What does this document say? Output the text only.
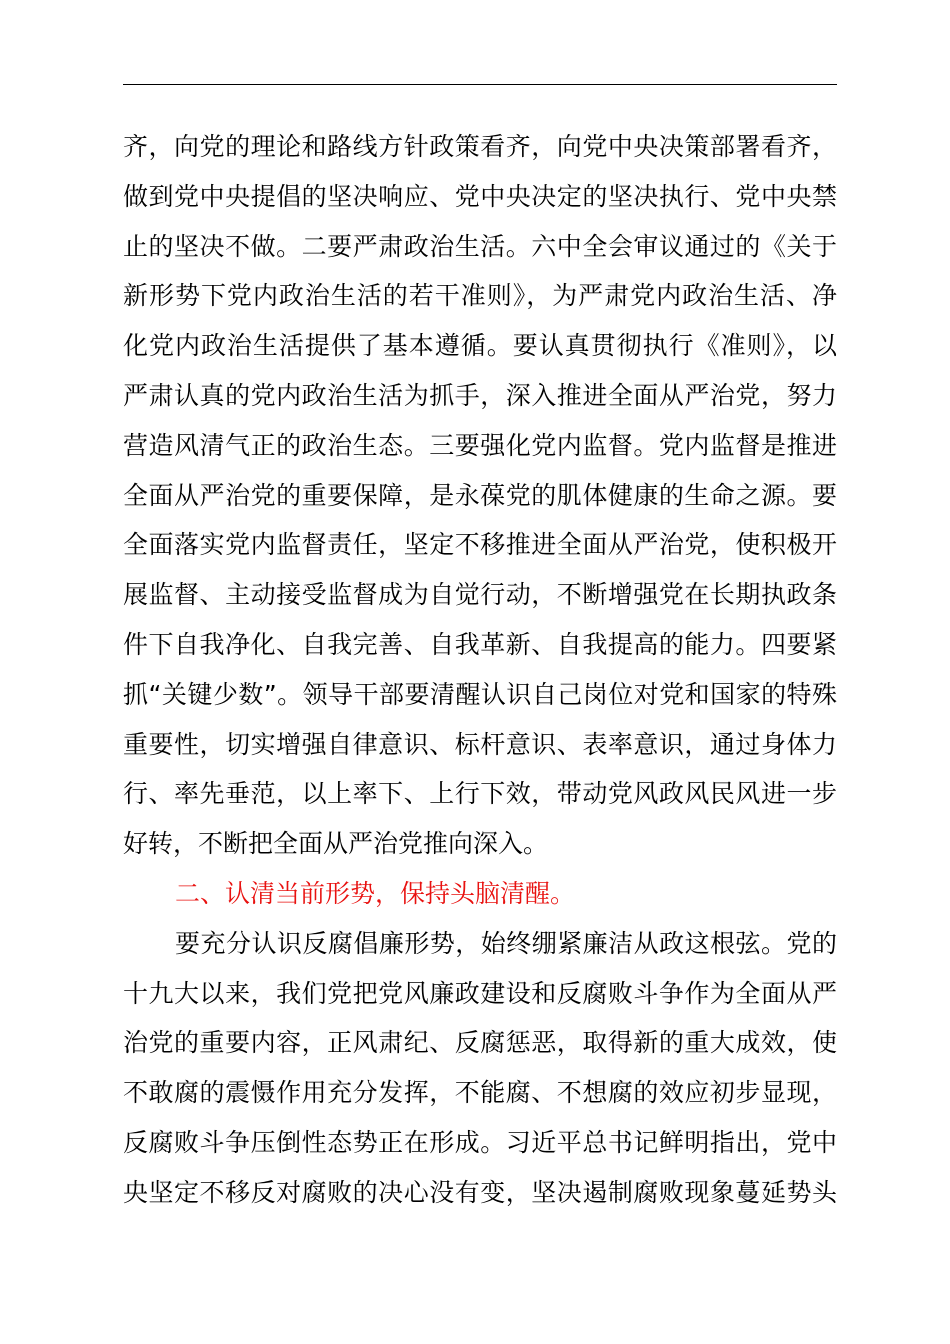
齐，向党的理论和路线方针政策看齐，向党中央决策部署看齐，
做到党中央提倡的坚决响应、党中央决定的坚决执行、党中央禁
止的坚决不做。二要严肃政治生活。六中全会审议通过的《关于
新形势下党内政治生活的若干准则》，为严肃党内政治生活、净
化党内政治生活提供了基本遵循。要认真贯彻执行《准则》，以
严肃认真的党内政治生活为抓手，深入推进全面从严治党，努力
营造风清气正的政治生态。三要强化党内监督。党内监督是推进
全面从严治党的重要保障，是永葆党的肌体健康的生命之源。要
全面落实党内监督责任，坚定不移推进全面从严治党，使积极开
展监督、主动接受监督成为自觉行动，不断增强党在长期执政条
件下自我净化、自我完善、自我革新、自我提高的能力。四要紧
抓“关键少数”。领导干部要清醒认识自己岗位对党和国家的特殊
重要性，切实增强自律意识、标杆意识、表率意识，通过身体力
行、率先垂范，以上率下、上行下效，带动党风政风民风进一步
好转，不断把全面从严治党推向深入。
二、认清当前形势，保持头脑清醒。
要充分认识反腐倡廉形势，始终绷紧廉洁从政这根弦。党的
十九大以来，我们党把党风廉政建设和反腐败斗争作为全面从严
治党的重要内容，正风肃纪、反腐惩恶，取得新的重大成效，使
不敢腐的震慑作用充分发挥，不能腐、不想腐的效应初步显现，
反腐败斗争压倒性态势正在形成。习近平总书记鲜明指出，党中
央坚定不移反对腐败的决心没有变，坚决遏制腐败现象蔓延势头
